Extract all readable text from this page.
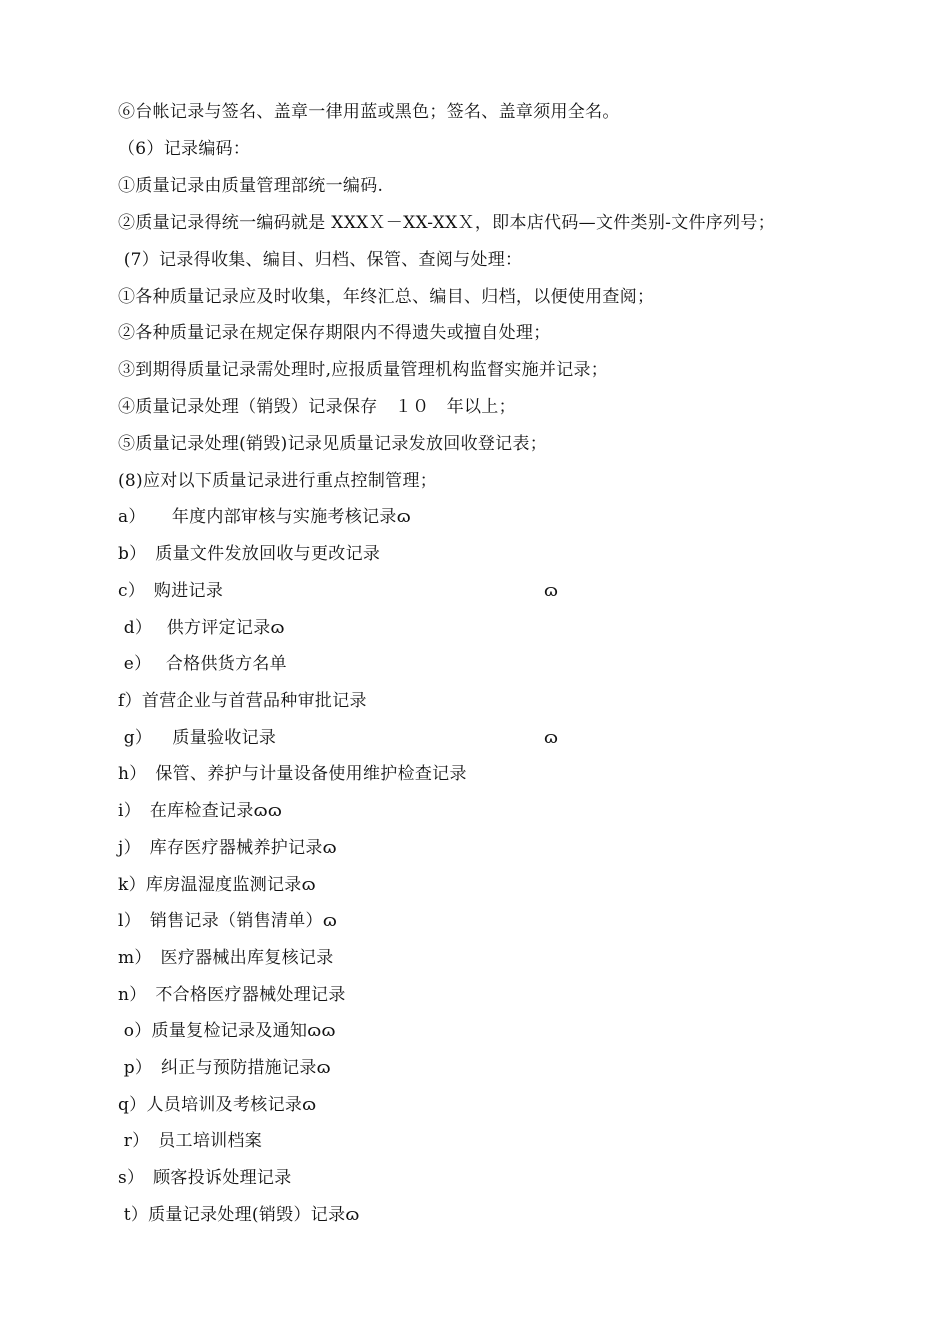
⑥台帐记录与签名、盖章一律用蓝或黑色；签名、盖章须用全名。
（6）记录编码：
①质量记录由质量管理部统一编码.
②质量记录得统一编码就是 XXXＸ－XX-XXＸ，即本店代码—文件类别-文件序列号；
(7）记录得收集、编目、归档、保管、查阅与处理：
①各种质量记录应及时收集，年终汇总、编目、归档，以便使用查阅；
②各种质量记录在规定保存期限内不得遗失或擅自处理；
③到期得质量记录需处理时,应报质量管理机构监督实施并记录；
④质量记录处理（销毁）记录保存　１０　年以上；
⑤质量记录处理(销毁)记录见质量记录发放回收登记表；
(8)应对以下质量记录进行重点控制管理；
a）　　年度内部审核与实施考核记录ɷ
b）　质量文件发放回收与更改记录
c）　购进记录	ɷ
d）　 供方评定记录ɷ
e）　 合格供货方名单
f）首营企业与首营品种审批记录
g）　  质量验收记录	ɷ
h）　保管、养护与计量设备使用维护检查记录
i）　在库检查记录ɷɷ
j）　库存医疗器械养护记录ɷ
k）库房温湿度监测记录ɷ
l）　销售记录（销售清单）ɷ
m）　医疗器械出库复核记录
n）　不合格医疗器械处理记录
o）质量复检记录及通知ɷɷ
p）　纠正与预防措施记录ɷ
q）人员培训及考核记录ɷ
r）　员工培训档案
s）　顾客投诉处理记录
t）质量记录处理(销毁）记录ɷ
